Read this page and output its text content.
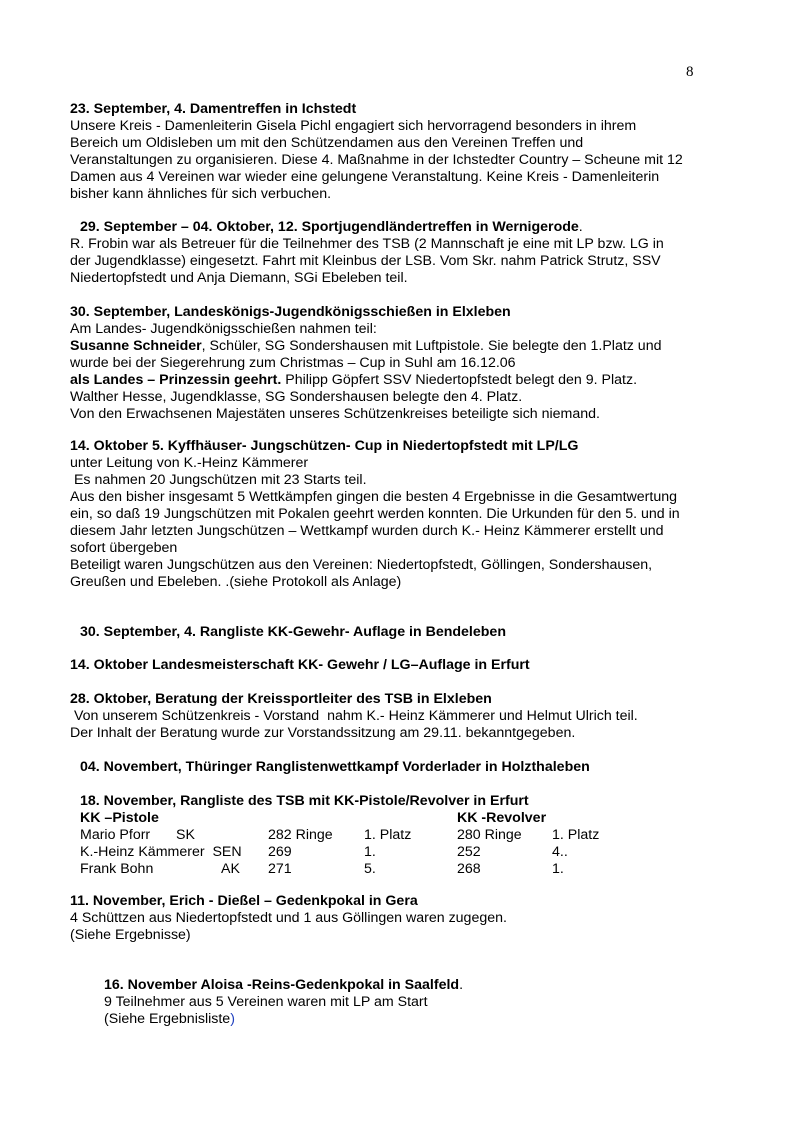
8
23. September, 4. Damentreffen in Ichstedt
Unsere Kreis - Damenleiterin Gisela Pichl engagiert sich hervorragend besonders in ihrem
Bereich um Oldisleben um mit den Schützendamen aus den Vereinen Treffen und
Veranstaltungen zu organisieren. Diese 4. Maßnahme in der Ichstedter Country – Scheune mit 12
Damen aus 4 Vereinen war wieder eine gelungene Veranstaltung. Keine Kreis - Damenleiterin
bisher kann ähnliches für sich verbuchen.
29. September – 04. Oktober, 12. Sportjugendländertreffen in Wernigerode.
R. Frobin war als Betreuer für die Teilnehmer des TSB (2 Mannschaft je eine mit LP bzw. LG in
der Jugendklasse) eingesetzt. Fahrt mit Kleinbus der LSB. Vom Skr. nahm Patrick Strutz, SSV
Niedertopfstedt und Anja Diemann, SGi Ebeleben teil.
30. September, Landeskönigs-Jugendkönigsschießen in Elxleben
Am Landes- Jugendkönigsschießen nahmen teil:
Susanne Schneider, Schüler, SG Sondershausen mit Luftpistole. Sie belegte den 1.Platz und
wurde bei der Siegerehrung zum Christmas – Cup in Suhl am 16.12.06
als Landes – Prinzessin geehrt. Philipp Göpfert SSV Niedertopfstedt belegt den 9. Platz.
Walther Hesse, Jugendklasse, SG Sondershausen belegte den 4. Platz.
Von den Erwachsenen Majestäten unseres Schützenkreises beteiligte sich niemand.
14. Oktober 5. Kyffhäuser- Jungschützen- Cup in Niedertopfstedt mit LP/LG
unter Leitung von K.-Heinz Kämmerer
Es nahmen 20 Jungschützen mit 23 Starts teil.
Aus den bisher insgesamt 5 Wettkämpfen gingen die besten 4 Ergebnisse in die Gesamtwertung
ein, so daß 19 Jungschützen mit Pokalen geehrt werden konnten. Die Urkunden für den 5. und in
diesem Jahr letzten Jungschützen – Wettkampf wurden durch K.- Heinz Kämmerer erstellt und
sofort übergeben
Beteiligt waren Jungschützen aus den Vereinen: Niedertopfstedt, Göllingen, Sondershausen,
Greußen und Ebeleben. .(siehe Protokoll als Anlage)
30. September, 4. Rangliste KK-Gewehr- Auflage in Bendeleben
14. Oktober Landesmeisterschaft KK- Gewehr / LG–Auflage in Erfurt
28. Oktober, Beratung der Kreissportleiter des TSB in Elxleben
Von unserem Schützenkreis - Vorstand  nahm K.- Heinz Kämmerer und Helmut Ulrich teil.
Der Inhalt der Beratung wurde zur Vorstandssitzung am 29.11. bekanntgegeben.
04. Novembert, Thüringer Ranglistenwettkampf Vorderlader in Holzthaleben
18. November, Rangliste des TSB mit KK-Pistole/Revolver in Erfurt
KK –Pistole				KK -Revolver	
Mario Pforr	SK	282 Ringe	1. Platz	280 Ringe	1. Platz
K.-Heinz Kämmerer SEN		269	1.	252	4..
Frank Bohn	AK	271	5.	268	1.
11. November, Erich - Dießel – Gedenkpokal in Gera
4 Schüttzen aus Niedertopfstedt und 1 aus Göllingen waren zugegen.
(Siehe Ergebnisse)
16. November Aloisa -Reins-Gedenkpokal in Saalfeld.
9 Teilnehmer aus 5 Vereinen waren mit LP am Start
(Siehe Ergebnisliste)
